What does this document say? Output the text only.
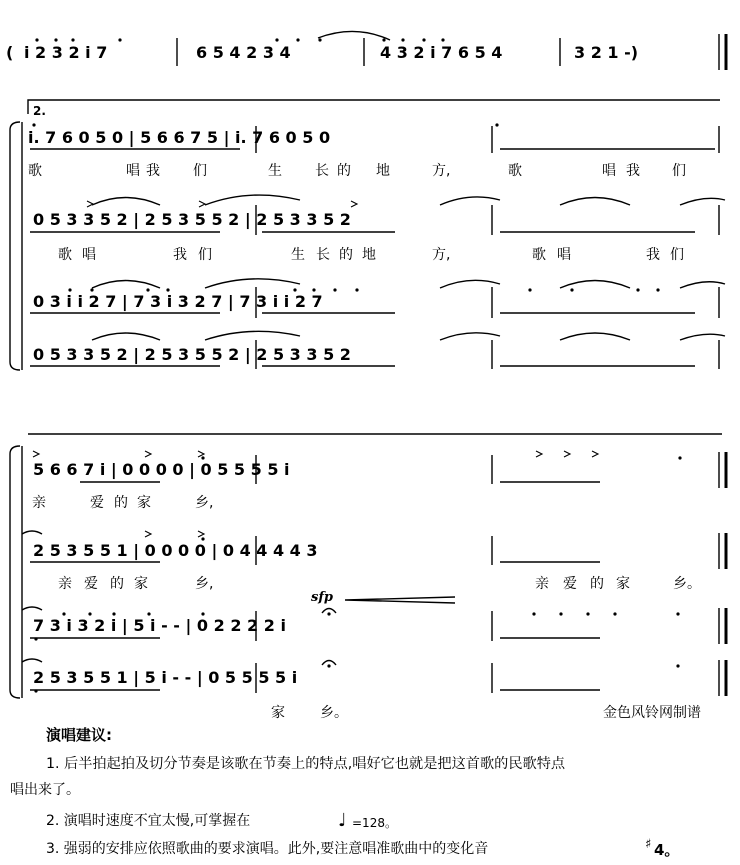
( i 2 3 2 i 7	6 5 4 2 3 4	4 3 2 i 7 6 5 4	3 2 1 -)
2.
i. 7 6 0 5 0 | 5 6 6 7 5 | i. 7 6 0 5 0
歌	唱 我 们	生 长 的 地	方,	歌	唱 我 们
0 5 3 3 5 2 | 2 5 3 5 5 2 | 2 5 3 3 5 2
歌 唱	我 们	生 长 的 地	方,	歌 唱	我 们
0 3 i i 2 7 | 7 3 i 3 2 7 | 7 3 i i 2 7
0 5 3 3 5 2 | 2 5 3 5 5 2 | 2 5 3 3 5 2
5 6 6 7 i | 0 0 0 0 | 0 5 5 5 5 i
亲	爱 的 家	乡,
2 5 3 5 5 1 | 0 0 0 0 | 0 4 4 4 4 3
亲 爱 的 家	乡,	亲 爱 的 家	乡。
sfp
7 3 i 3 2 i | 5 i - - | 0 2 2 2 2 i
2 5 3 5 5 1 | 5 i - - | 0 5 5 5 5 i
家	乡。	金色风铃网制谱
演唱建议:
1. 后半拍起拍及切分节奏是该歌在节奏上的特点,唱好它也就是把这首歌的民歌特点
唱出来了。
2. 演唱时速度不宜太慢,可掌握在	♩ =128。
3. 强弱的安排应依照歌曲的要求演唱。此外,要注意唱准歌曲中的变化音	♯ 4。
